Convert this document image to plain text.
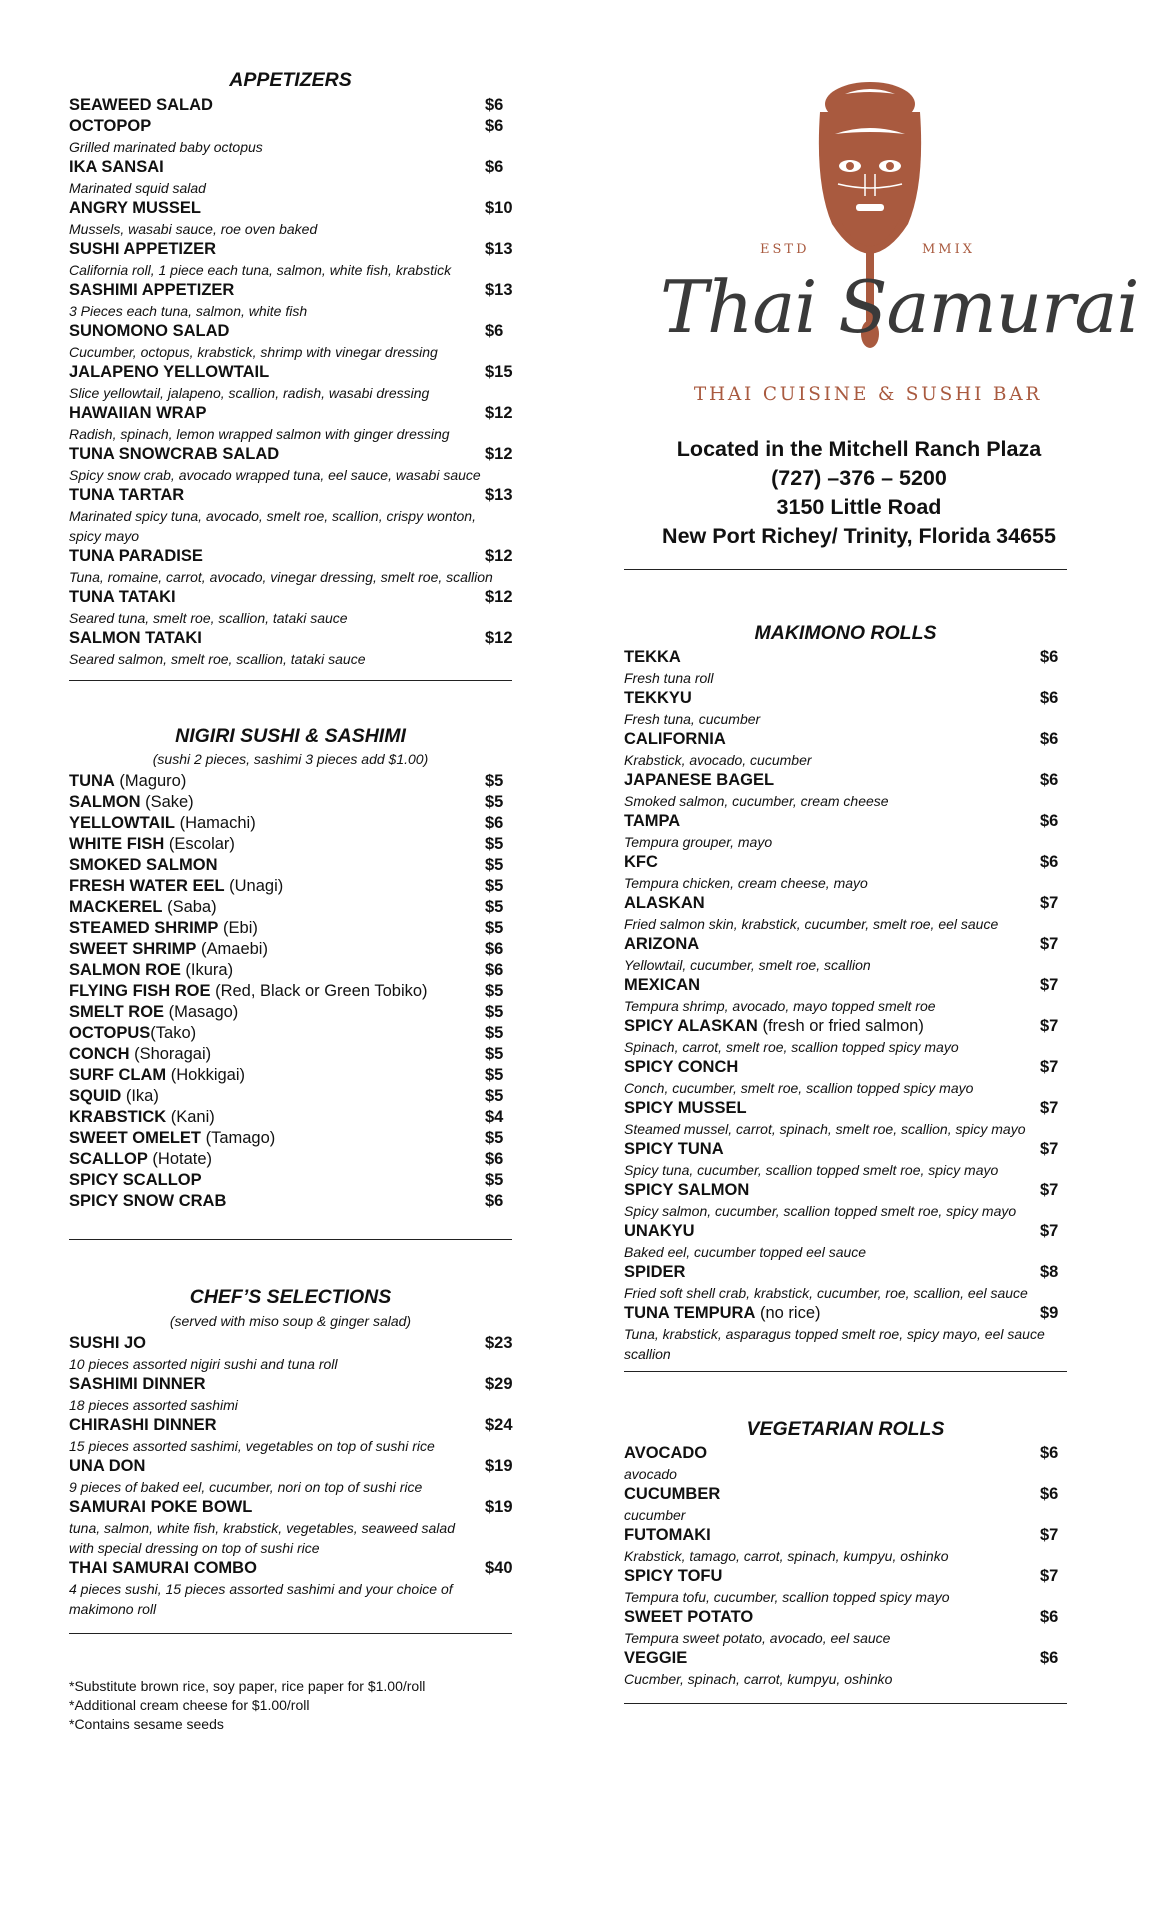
APPETIZERS
SEAWEED SALAD	$6
OCTOPOP	$6
Grilled marinated baby octopus
IKA SANSAI	$6
Marinated squid salad
ANGRY MUSSEL	$10
Mussels, wasabi sauce, roe oven baked
SUSHI APPETIZER	$13
California roll, 1 piece each tuna, salmon, white fish, krabstick
SASHIMI APPETIZER	$13
3 Pieces each tuna, salmon, white fish
SUNOMONO SALAD	$6
Cucumber, octopus, krabstick, shrimp with vinegar dressing
JALAPENO YELLOWTAIL	$15
Slice yellowtail, jalapeno, scallion, radish, wasabi dressing
HAWAIIAN WRAP	$12
Radish, spinach, lemon wrapped salmon with ginger dressing
TUNA SNOWCRAB SALAD	$12
Spicy snow crab, avocado wrapped tuna, eel sauce, wasabi sauce
TUNA TARTAR	$13
Marinated spicy tuna, avocado, smelt roe, scallion, crispy wonton,
spicy mayo
TUNA PARADISE	$12
Tuna, romaine, carrot, avocado, vinegar dressing, smelt roe, scallion
TUNA TATAKI	$12
Seared tuna, smelt roe, scallion, tataki sauce
SALMON TATAKI	$12
Seared salmon, smelt roe, scallion, tataki sauce
NIGIRI SUSHI & SASHIMI
(sushi 2 pieces, sashimi 3 pieces add $1.00)
TUNA (Maguro)	$5
SALMON (Sake)	$5
YELLOWTAIL (Hamachi)	$6
WHITE FISH (Escolar)	$5
SMOKED SALMON	$5
FRESH WATER EEL (Unagi)	$5
MACKEREL (Saba)	$5
STEAMED SHRIMP (Ebi)	$5
SWEET SHRIMP (Amaebi)	$6
SALMON ROE (Ikura)	$6
FLYING FISH ROE (Red, Black or Green Tobiko)	$5
SMELT ROE (Masago)	$5
OCTOPUS(Tako)	$5
CONCH (Shoragai)	$5
SURF CLAM (Hokkigai)	$5
SQUID (Ika)	$5
KRABSTICK (Kani)	$4
SWEET OMELET (Tamago)	$5
SCALLOP (Hotate)	$6
SPICY SCALLOP	$5
SPICY SNOW CRAB	$6
CHEF’S SELECTIONS
(served with miso soup & ginger salad)
SUSHI JO	$23
10 pieces assorted nigiri sushi and tuna roll
SASHIMI DINNER	$29
18 pieces assorted sashimi
CHIRASHI DINNER	$24
15 pieces assorted sashimi, vegetables on top of sushi rice
UNA DON	$19
9 pieces of baked eel, cucumber, nori on top of sushi rice
SAMURAI POKE BOWL	$19
tuna, salmon, white fish, krabstick, vegetables, seaweed salad
with special dressing on top of sushi rice
THAI SAMURAI COMBO	$40
4 pieces sushi, 15 pieces assorted sashimi and your choice of
makimono roll
*Substitute brown rice, soy paper, rice paper for $1.00/roll
*Additional cream cheese for $1.00/roll
*Contains sesame seeds
ESTD	MMIX
Thai Samurai
THAI CUISINE & SUSHI BAR
Located in the Mitchell Ranch Plaza
(727) –376 – 5200
3150 Little Road
New Port Richey/ Trinity, Florida 34655
MAKIMONO ROLLS
TEKKA	$6
Fresh tuna roll
TEKKYU	$6
Fresh tuna, cucumber
CALIFORNIA	$6
Krabstick, avocado, cucumber
JAPANESE BAGEL	$6
Smoked salmon, cucumber, cream cheese
TAMPA	$6
Tempura grouper, mayo
KFC	$6
Tempura chicken, cream cheese, mayo
ALASKAN	$7
Fried salmon skin, krabstick, cucumber, smelt roe, eel sauce
ARIZONA	$7
Yellowtail, cucumber, smelt roe, scallion
MEXICAN	$7
Tempura shrimp, avocado, mayo topped smelt roe
SPICY ALASKAN (fresh or fried salmon)	$7
Spinach, carrot, smelt roe, scallion topped spicy mayo
SPICY CONCH	$7
Conch, cucumber, smelt roe, scallion topped spicy mayo
SPICY MUSSEL	$7
Steamed mussel, carrot, spinach, smelt roe, scallion, spicy mayo
SPICY TUNA	$7
Spicy tuna, cucumber, scallion topped smelt roe, spicy mayo
SPICY SALMON	$7
Spicy salmon, cucumber, scallion topped smelt roe, spicy mayo
UNAKYU	$7
Baked eel, cucumber topped eel sauce
SPIDER	$8
Fried soft shell crab, krabstick, cucumber, roe, scallion, eel sauce
TUNA TEMPURA (no rice)	$9
Tuna, krabstick, asparagus topped smelt roe, spicy mayo, eel sauce
scallion
VEGETARIAN ROLLS
AVOCADO	$6
avocado
CUCUMBER	$6
cucumber
FUTOMAKI	$7
Krabstick, tamago, carrot, spinach, kumpyu, oshinko
SPICY TOFU	$7
Tempura tofu, cucumber, scallion topped spicy mayo
SWEET POTATO	$6
Tempura sweet potato, avocado, eel sauce
VEGGIE	$6
Cucmber, spinach, carrot, kumpyu, oshinko
